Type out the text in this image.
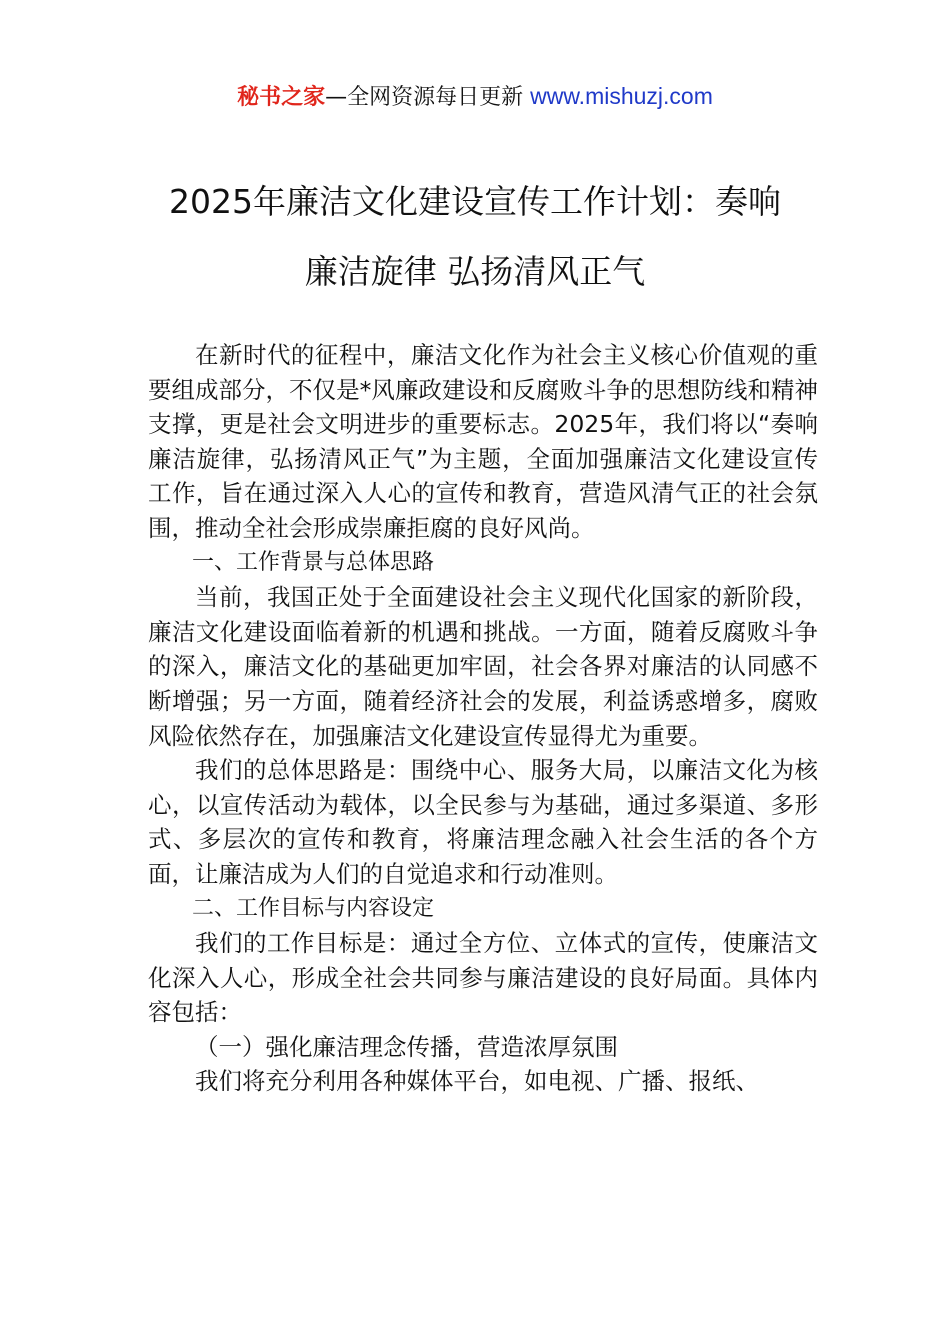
秘书之家—全网资源每日更新 www.mishuzj.com
2025年廉洁文化建设宣传工作计划：奏响
廉洁旋律 弘扬清风正气

在新时代的征程中，廉洁文化作为社会主义核心价值观的重要组成部分，不仅是*风廉政建设和反腐败斗争的思想防线和精神支撑，更是社会文明进步的重要标志。2025年，我们将以“奏响廉洁旋律，弘扬清风正气”为主题，全面加强廉洁文化建设宣传工作，旨在通过深入人心的宣传和教育，营造风清气正的社会氛围，推动全社会形成崇廉拒腐的良好风尚。

一、工作背景与总体思路

当前，我国正处于全面建设社会主义现代化国家的新阶段，廉洁文化建设面临着新的机遇和挑战。一方面，随着反腐败斗争的深入，廉洁文化的基础更加牢固，社会各界对廉洁的认同感不断增强；另一方面，随着经济社会的发展，利益诱惑增多，腐败风险依然存在，加强廉洁文化建设宣传显得尤为重要。

我们的总体思路是：围绕中心、服务大局，以廉洁文化为核心，以宣传活动为载体，以全民参与为基础，通过多渠道、多形式、多层次的宣传和教育，将廉洁理念融入社会生活的各个方面，让廉洁成为人们的自觉追求和行动准则。

二、工作目标与内容设定

我们的工作目标是：通过全方位、立体式的宣传，使廉洁文化深入人心，形成全社会共同参与廉洁建设的良好局面。具体内容包括：

（一）强化廉洁理念传播，营造浓厚氛围

我们将充分利用各种媒体平台，如电视、广播、报纸、
